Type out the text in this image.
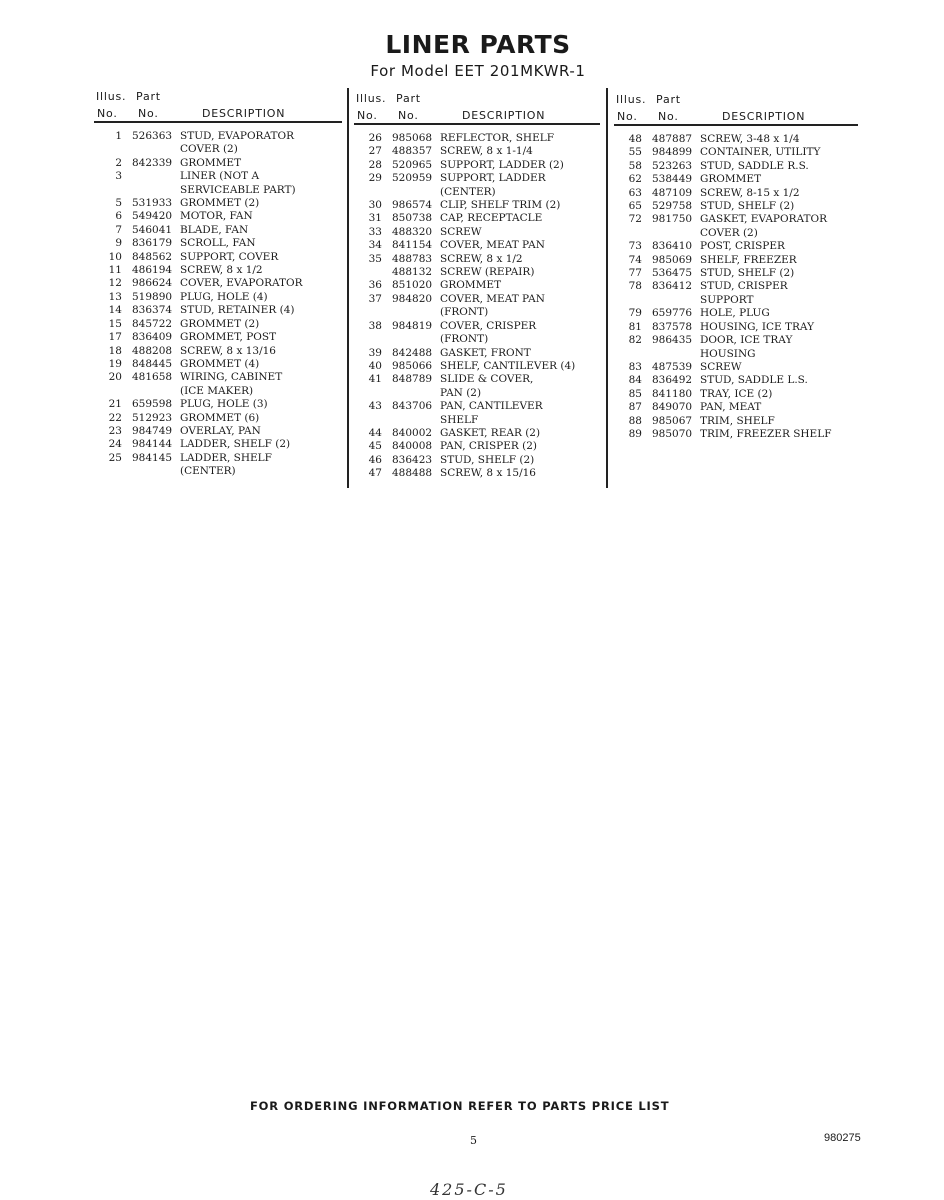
LINER PARTS
For Model EET 201MKWR-1
Illus. Part
No. No.	DESCRIPTION
1 526363 STUD, EVAPORATOR
COVER (2)
2 842339 GROMMET
3	LINER (NOT A
SERVICEABLE PART)
5 531933 GROMMET (2)
6 549420 MOTOR, FAN
7 546041 BLADE, FAN
9 836179 SCROLL, FAN
10 848562 SUPPORT, COVER
11 486194 SCREW, 8 x 1/2
12 986624 COVER, EVAPORATOR
13 519890 PLUG, HOLE (4)
14 836374 STUD, RETAINER (4)
15 845722 GROMMET (2)
17 836409 GROMMET, POST
18 488208 SCREW, 8 x 13/16
19 848445 GROMMET (4)
20 481658 WIRING, CABINET
(ICE MAKER)
21 659598 PLUG, HOLE (3)
22 512923 GROMMET (6)
23 984749 OVERLAY, PAN
24 984144 LADDER, SHELF (2)
25 984145 LADDER, SHELF
(CENTER)
Illus. Part
No. No.	DESCRIPTION
26 985068 REFLECTOR, SHELF
27 488357 SCREW, 8 x 1-1/4
28 520965 SUPPORT, LADDER (2)
29 520959 SUPPORT, LADDER
(CENTER)
30 986574 CLIP, SHELF TRIM (2)
31 850738 CAP, RECEPTACLE
33 488320 SCREW
34 841154 COVER, MEAT PAN
35 488783 SCREW, 8 x 1/2
488132 SCREW (REPAIR)
36 851020 GROMMET
37 984820 COVER, MEAT PAN
(FRONT)
38 984819 COVER, CRISPER
(FRONT)
39 842488 GASKET, FRONT
40 985066 SHELF, CANTILEVER (4)
41 848789 SLIDE & COVER,
PAN (2)
43 843706 PAN, CANTILEVER
SHELF
44 840002 GASKET, REAR (2)
45 840008 PAN, CRISPER (2)
46 836423 STUD, SHELF (2)
47 488488 SCREW, 8 x 15/16
Illus. Part
No. No.	DESCRIPTION
48 487887 SCREW, 3-48 x 1/4
55 984899 CONTAINER, UTILITY
58 523263 STUD, SADDLE R.S.
62 538449 GROMMET
63 487109 SCREW, 8-15 x 1/2
65 529758 STUD, SHELF (2)
72 981750 GASKET, EVAPORATOR
COVER (2)
73 836410 POST, CRISPER
74 985069 SHELF, FREEZER
77 536475 STUD, SHELF (2)
78 836412 STUD, CRISPER
SUPPORT
79 659776 HOLE, PLUG
81 837578 HOUSING, ICE TRAY
82 986435 DOOR, ICE TRAY
HOUSING
83 487539 SCREW
84 836492 STUD, SADDLE L.S.
85 841180 TRAY, ICE (2)
87 849070 PAN, MEAT
88 985067 TRIM, SHELF
89 985070 TRIM, FREEZER SHELF
FOR ORDERING INFORMATION REFER TO PARTS PRICE LIST
5	980275
425-C-5
